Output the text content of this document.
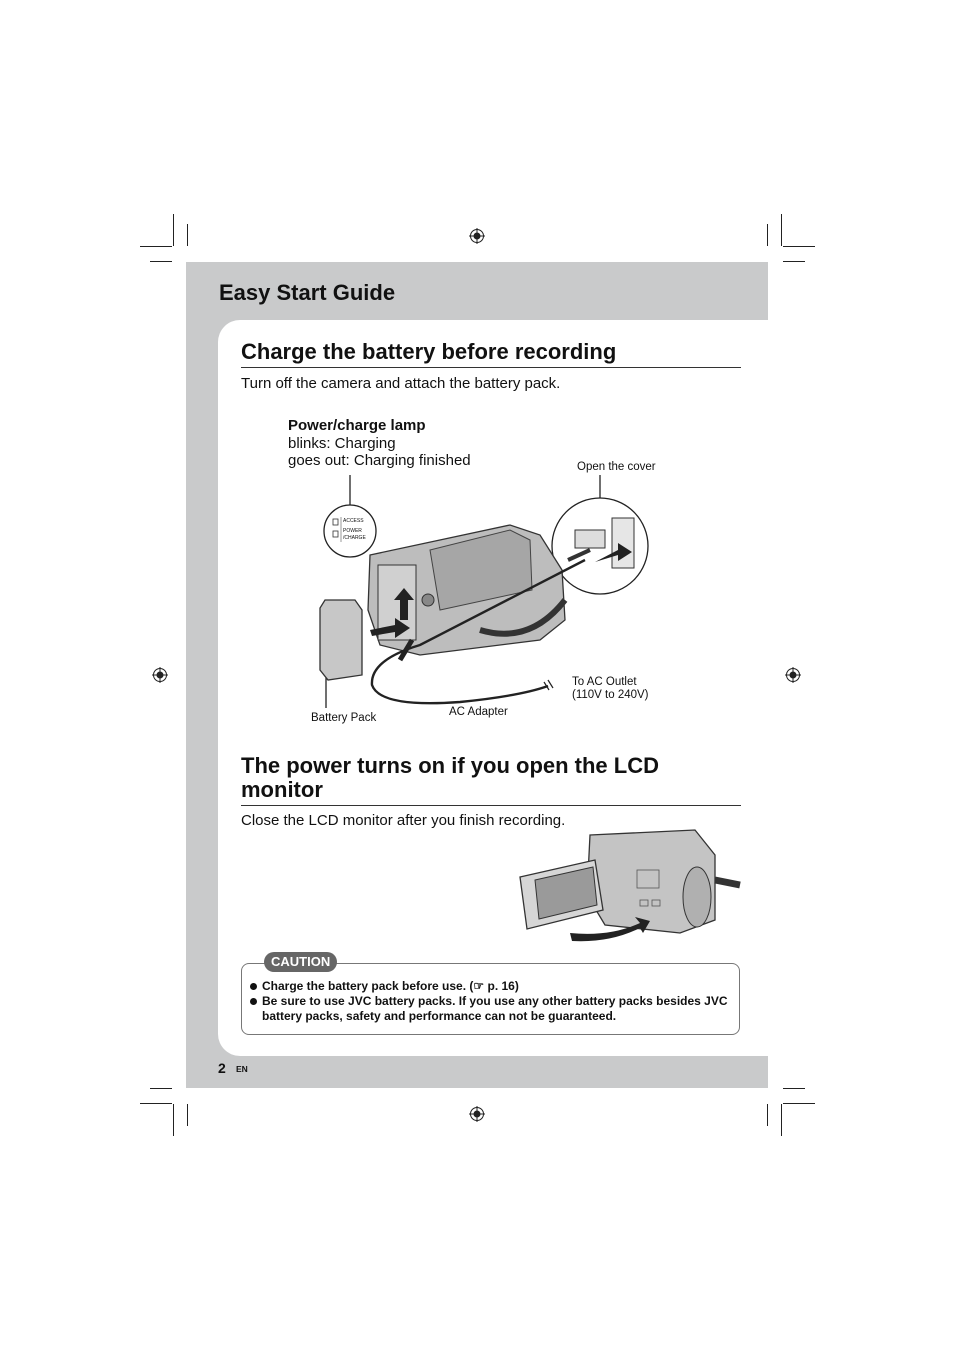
Easy Start Guide
Charge the battery before recording

Turn off the camera and attach the battery pack.

Power/charge lamp
blinks: Charging
goes out: Charging finished	Open the cover
To AC Outlet
(110V to 240V)
Battery Pack	AC Adapter
ACCESS
POWER
/CHARGE
The power turns on if you open the LCD monitor

Close the LCD monitor after you finish recording.

CAUTION
Charge the battery pack before use. (☞ p. 16)
Be sure to use JVC battery packs. If you use any other battery packs besides JVC battery packs, safety and performance can not be guaranteed.
2 EN
